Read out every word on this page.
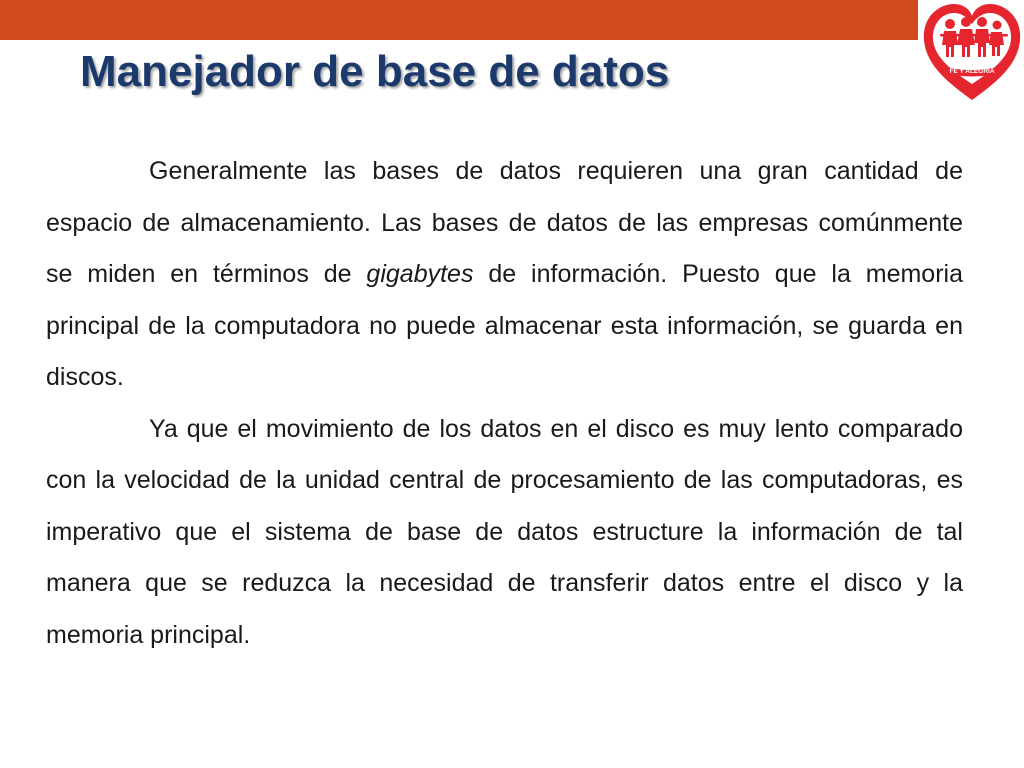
Manejador de base de datos	FE Y ALEGRIA

Generalmente las bases de datos requieren una gran cantidad de espacio de almacenamiento. Las bases de datos de las empresas comúnmente se miden en términos de gigabytes de información. Puesto que la memoria principal de la computadora no puede almacenar esta información, se guarda en discos.

Ya que el movimiento de los datos en el disco es muy lento comparado con la velocidad de la unidad central de procesamiento de las computadoras, es imperativo que el sistema de base de datos estructure la información de tal manera que se reduzca la necesidad de transferir datos entre el disco y la memoria principal.
